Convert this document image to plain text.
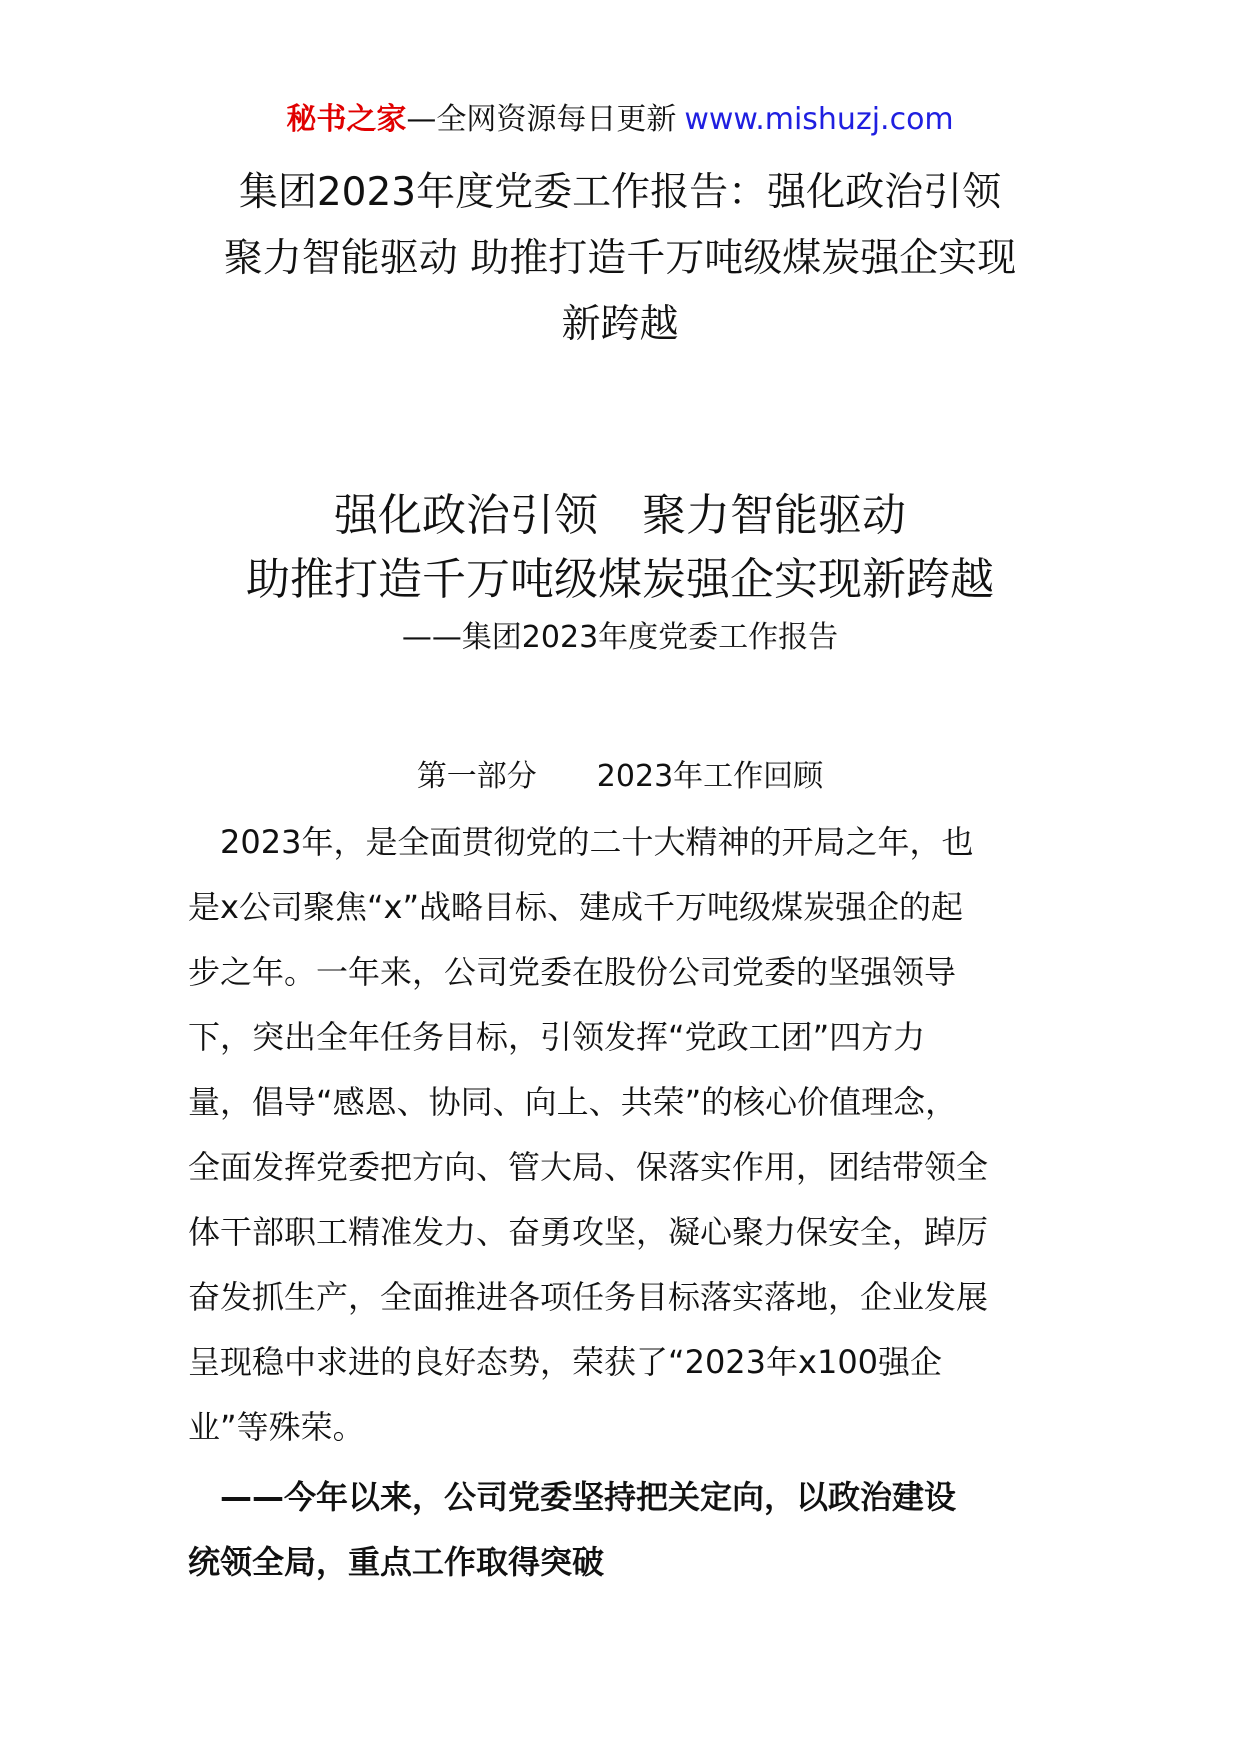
秘书之家—全网资源每日更新 www.mishuzj.com
集团2023年度党委工作报告：强化政治引领
聚力智能驱动 助推打造千万吨级煤炭强企实现
新跨越
强化政治引领　聚力智能驱动
助推打造千万吨级煤炭强企实现新跨越
——集团2023年度党委工作报告
第一部分　　2023年工作回顾

　2023年，是全面贯彻党的二十大精神的开局之年，也
是x公司聚焦“x”战略目标、建成千万吨级煤炭强企的起
步之年。一年来，公司党委在股份公司党委的坚强领导
下，突出全年任务目标，引领发挥“党政工团”四方力
量，倡导“感恩、协同、向上、共荣”的核心价值理念，
全面发挥党委把方向、管大局、保落实作用，团结带领全
体干部职工精准发力、奋勇攻坚，凝心聚力保安全，踔厉
奋发抓生产，全面推进各项任务目标落实落地，企业发展
呈现稳中求进的良好态势，荣获了“2023年x100强企
业”等殊荣。

　——今年以来，公司党委坚持把关定向，以政治建设
统领全局，重点工作取得突破
